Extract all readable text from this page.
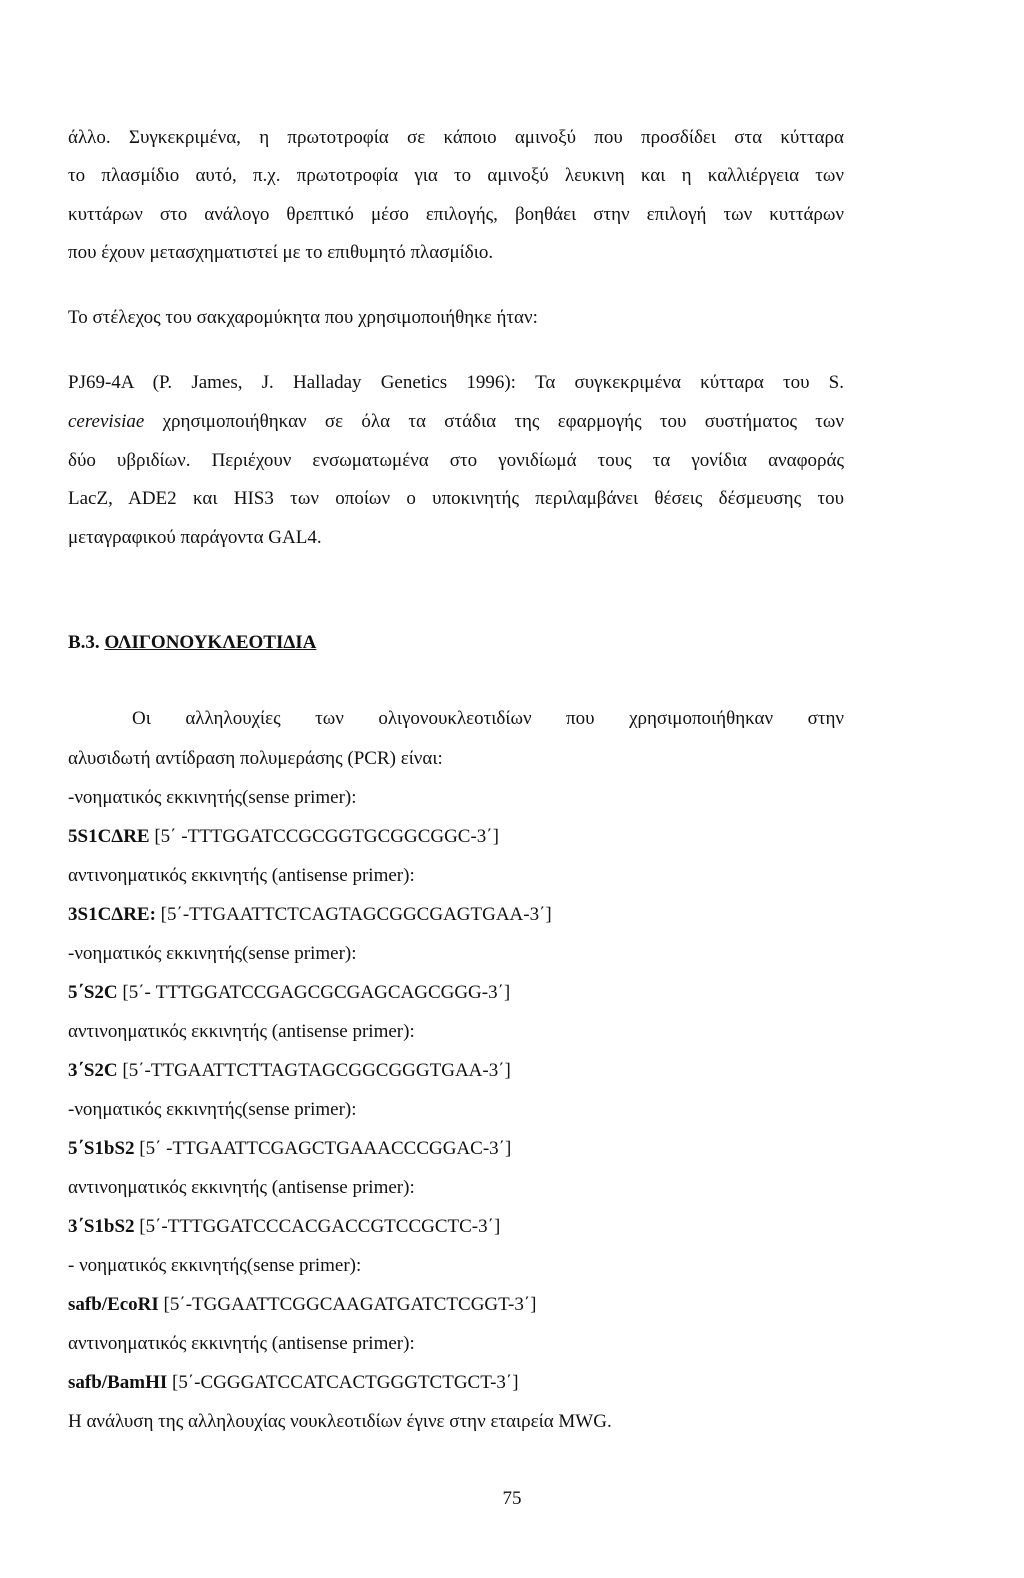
άλλο. Συγκεκριμένα, η πρωτοτροφία σε κάποιο αμινοξύ που προσδίδει στα κύτταρα
το πλασμίδιο αυτό, π.χ. πρωτοτροφία για το αμινοξύ λευκινη και η καλλιέργεια των
κυττάρων στο ανάλογο θρεπτικό μέσο επιλογής, βοηθάει στην επιλογή των κυττάρων
που έχουν μετασχηματιστεί με το επιθυμητό πλασμίδιο.
Το στέλεχος του σακχαρομύκητα που χρησιμοποιήθηκε ήταν:
PJ69-4A (P. James, J. Halladay Genetics 1996): Τα συγκεκριμένα κύτταρα του S.
cerevisiae χρησιμοποιήθηκαν σε όλα τα στάδια της εφαρμογής του συστήματος των
δύο υβριδίων. Περιέχουν ενσωματωμένα στο γονιδίωμά τους τα γονίδια αναφοράς
LacZ, ADE2 και HIS3 των οποίων ο υποκινητής περιλαμβάνει θέσεις δέσμευσης του
μεταγραφικού παράγοντα GAL4.
Β.3. ΟΛΙΓΟΝΟΥΚΛΕΟΤΙΔΙΑ
Οι αλληλουχίες των ολιγονουκλεοτιδίων που χρησιμοποιήθηκαν στην
αλυσιδωτή αντίδραση πολυμεράσης (PCR) είναι:
-νοηματικός εκκινητής(sense primer):
5S1CΔRE [5΄ -TTTGGATCCGCGGTGCGGCGGC-3΄]
αντινοηματικός εκκινητής (antisense primer):
3S1CΔRE: [5΄-TTGAATTCTCAGTAGCGGCGAGTGAA-3΄]
-νοηματικός εκκινητής(sense primer):
5΄S2C [5΄- TTTGGATCCGAGCGCGAGCAGCGGG-3΄]
αντινοηματικός εκκινητής (antisense primer):
3΄S2C [5΄-TTGAATTCTTAGTAGCGGCGGGTGAA-3΄]
-νοηματικός εκκινητής(sense primer):
5΄S1bS2 [5΄ -TTGAATTCGAGCTGAAACCCGGAC-3΄]
αντινοηματικός εκκινητής (antisense primer):
3΄S1bS2 [5΄-TTTGGATCCCACGACCGTCCGCTC-3΄]
- νοηματικός εκκινητής(sense primer):
safb/EcoRI [5΄-TGGAATTCGGCAAGATGATCTCGGT-3΄]
αντινοηματικός εκκινητής (antisense primer):
safb/BamHI [5΄-CGGGATCCATCACTGGGTCTGCT-3΄]
Η ανάλυση της αλληλουχίας νουκλεοτιδίων έγινε στην εταιρεία MWG.
75
